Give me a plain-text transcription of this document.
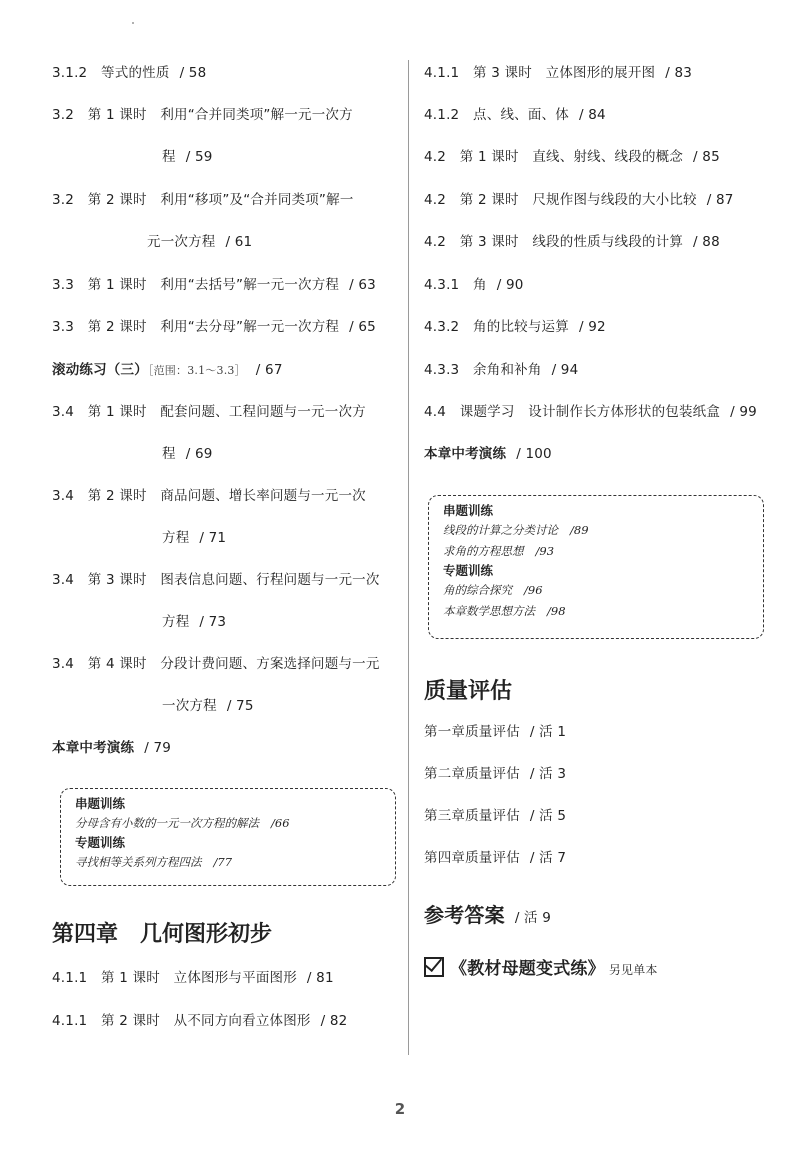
3.1.2　等式的性质 / 58
3.2　第 1 课时　利用“合并同类项”解一元一次方
程 / 59
3.2　第 2 课时　利用“移项”及“合并同类项”解一
元一次方程 / 61
3.3　第 1 课时　利用“去括号”解一元一次方程 / 63
3.3　第 2 课时　利用“去分母”解一元一次方程 / 65
滚动练习（三）［范围：3.1～3.3］ / 67
3.4　第 1 课时　配套问题、工程问题与一元一次方
程 / 69
3.4　第 2 课时　商品问题、增长率问题与一元一次
方程 / 71
3.4　第 3 课时　图表信息问题、行程问题与一元一次
方程 / 73
3.4　第 4 课时　分段计费问题、方案选择问题与一元
一次方程 / 75
本章中考演练 / 79
串题训练
分母含有小数的一元一次方程的解法 /66
专题训练
寻找相等关系列方程四法 /77
第四章　几何图形初步
4.1.1　第 1 课时　立体图形与平面图形 / 81
4.1.1　第 2 课时　从不同方向看立体图形 / 82
4.1.1　第 3 课时　立体图形的展开图 / 83
4.1.2　点、线、面、体 / 84
4.2　第 1 课时　直线、射线、线段的概念 / 85
4.2　第 2 课时　尺规作图与线段的大小比较 / 87
4.2　第 3 课时　线段的性质与线段的计算 / 88
4.3.1　角 / 90
4.3.2　角的比较与运算 / 92
4.3.3　余角和补角 / 94
4.4　课题学习　设计制作长方体形状的包装纸盒 / 99
本章中考演练 / 100
串题训练
线段的计算之分类讨论 /89
求角的方程思想 /93
专题训练
角的综合探究 /96
本章数学思想方法 /98
质量评估
第一章质量评估 / 活 1
第二章质量评估 / 活 3
第三章质量评估 / 活 5
第四章质量评估 / 活 7
参考答案 / 活 9
《教材母题变式练》 另见单本
2
